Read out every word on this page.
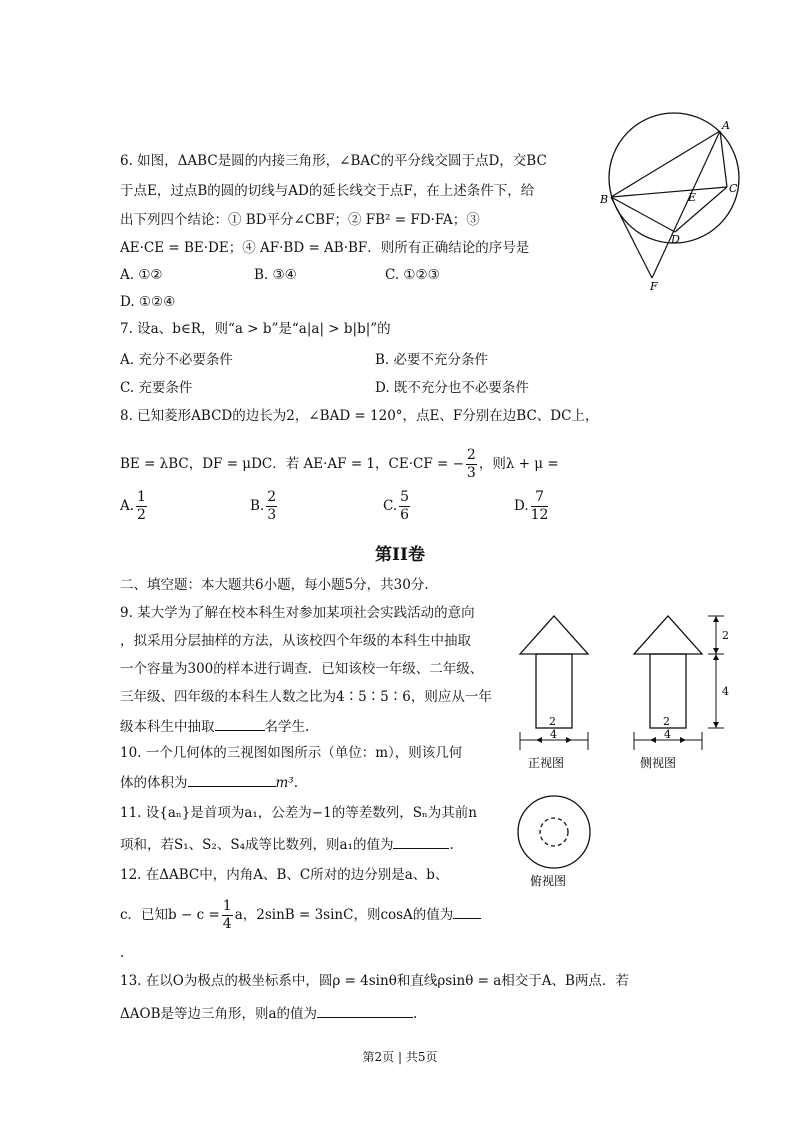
6. 如图，ΔABC是圆的内接三角形，∠BAC的平分线交圆于点D，交BC
于点E，过点B的圆的切线与AD的延长线交于点F，在上述条件下，给
出下列四个结论：① BD平分∠CBF；② FB² = FD·FA；③
AE·CE = BE·DE；④ AF·BD = AB·BF．则所有正确结论的序号是
A. ①②	B. ③④	C. ①②③
D. ①②④
A
B
C
D
E
F
7. 设a、b∈R，则“a > b”是“a|a| > b|b|”的
A. 充分不必要条件	B. 必要不充分条件
C. 充要条件	D. 既不充分也不必要条件
8. 已知菱形ABCD的边长为2，∠BAD = 120°，点E、F分别在边BC、DC上，
BE = λBC，DF = μDC．若 AE·AF = 1，CE·CF = − $\frac{2}{3}$ ，则λ + μ =
A. $\frac{1}{2}$	B. $\frac{2}{3}$	C. $\frac{5}{6}$	D. $\frac{7}{12}$
第II卷
二、填空题：本大题共6小题，每小题5分，共30分.
9. 某大学为了解在校本科生对参加某项社会实践活动的意向
，拟采用分层抽样的方法，从该校四个年级的本科生中抽取
一个容量为300的样本进行调查．已知该校一年级、二年级、
三年级、四年级的本科生人数之比为4∶5∶5∶6，则应从一年
级本科生中抽取	名学生.
10. 一个几何体的三视图如图所示（单位：m），则该几何
体的体积为	m³.
2
4
正视图
2
4
侧视图
2
4
俯视图
11. 设{aₙ}是首项为a₁，公差为−1的等差数列，Sₙ为其前n
项和，若S₁、S₂、S₄成等比数列，则a₁的值为	.
12. 在ΔABC中，内角A、B、C所对的边分别是a、b、
c．已知$b - c = \frac{1}{4}$ a，2sinB = 3sinC，则cosA的值为
.
13. 在以O为极点的极坐标系中，圆ρ = 4sinθ和直线ρsinθ = a相交于A、B两点．若
ΔAOB是等边三角形，则a的值为	.
第2页 | 共5页
